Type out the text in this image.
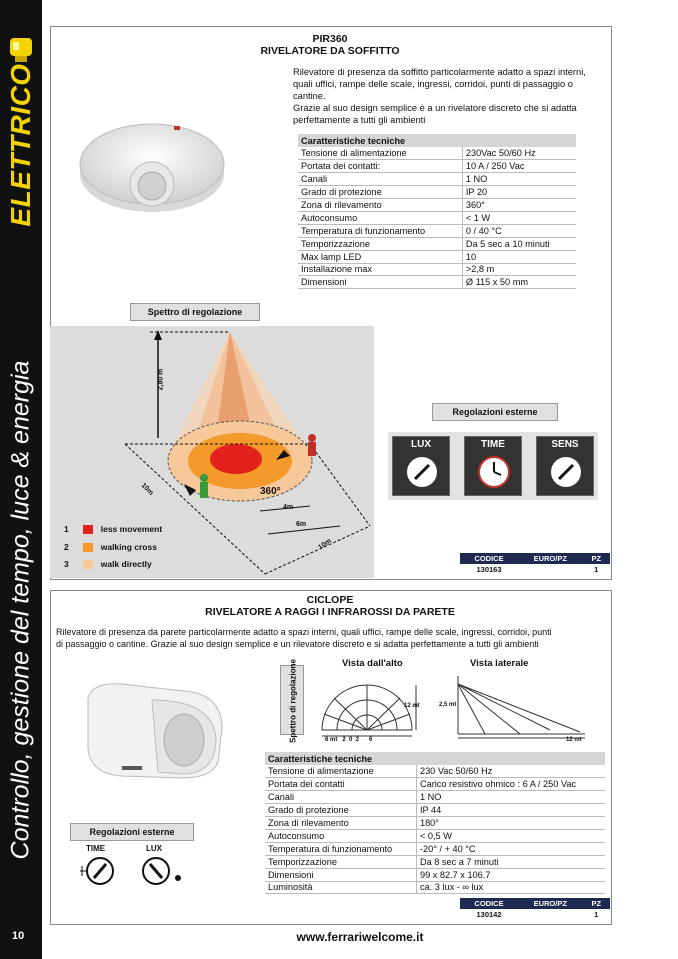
ELETTRICO
Controllo, gestione del tempo, luce & energia
10
PIR360
RIVELATORE DA SOFFITTO
Rilevatore di presenza da soffitto particolarmente adatto a spazi interni,
quali uffici, rampe delle scale, ingressi, corridoi, punti di passaggio o
cantine.
Grazie al suo design semplice è a un rivelatore discreto che si adatta
perfettamente a tutti gli ambienti
Caratteristiche tecniche	
Tensione di alimentazione	230Vac 50/60 Hz
Portata dei contatti:	10 A / 250 Vac
Canali	1 NO
Grado di protezione	IP 20
Zona di rilevamento	360°
Autoconsumo	< 1 W
Temperatura di funzionamento	0 / 40 °C
Temporizzazione	Da 5 sec a 10 minuti
Max lamp LED	10
Installazione max	>2,8 m
Dimensioni	Ø 115 x 50 mm
Spettro di regolazione
2,80 m
360°
4m
6m
10m
10m
1	less movement
2	walking cross
3	walk directly
Regolazioni esterne
LUX	TIME	SENS
CODICE	EURO/PZ	PZ
130163		1
CICLOPE
RIVELATORE A RAGGI I INFRAROSSI DA PARETE
Rilevatore di presenza da parete particolarmente adatto a spazi interni, quali uffici, rampe delle scale, ingressi, corridoi, punti
di passaggio o cantine. Grazie al suo design semplice e un rilevatore discreto e si adatta perfettamente a tutti gli ambienti
Vista dall'alto	Vista laterale
Spettro di regolazione	12 mt
6 mt   2  0  2      6
2,5 mt
12 mt
Caratteristiche tecniche	
Tensione di alimentazione	230 Vac 50/60 Hz
Portata dei contatti	Carico resistivo ohmico : 6 A / 250 Vac
Canali	1 NO
Grado di protezione	IP 44
Zona di rilevamento	180°
Autoconsumo	< 0,5 W
Temperatura di funzionamento	-20° / + 40 °C
Temporizzazione	Da 8 sec a 7 minuti
Dimensioni	99 x 82.7 x 106.7
Luminosità	ca. 3 lux - ∞ lux
Regolazioni esterne
TIME	LUX
CODICE	EURO/PZ	PZ
130142		1
www.ferrariwelcome.it
